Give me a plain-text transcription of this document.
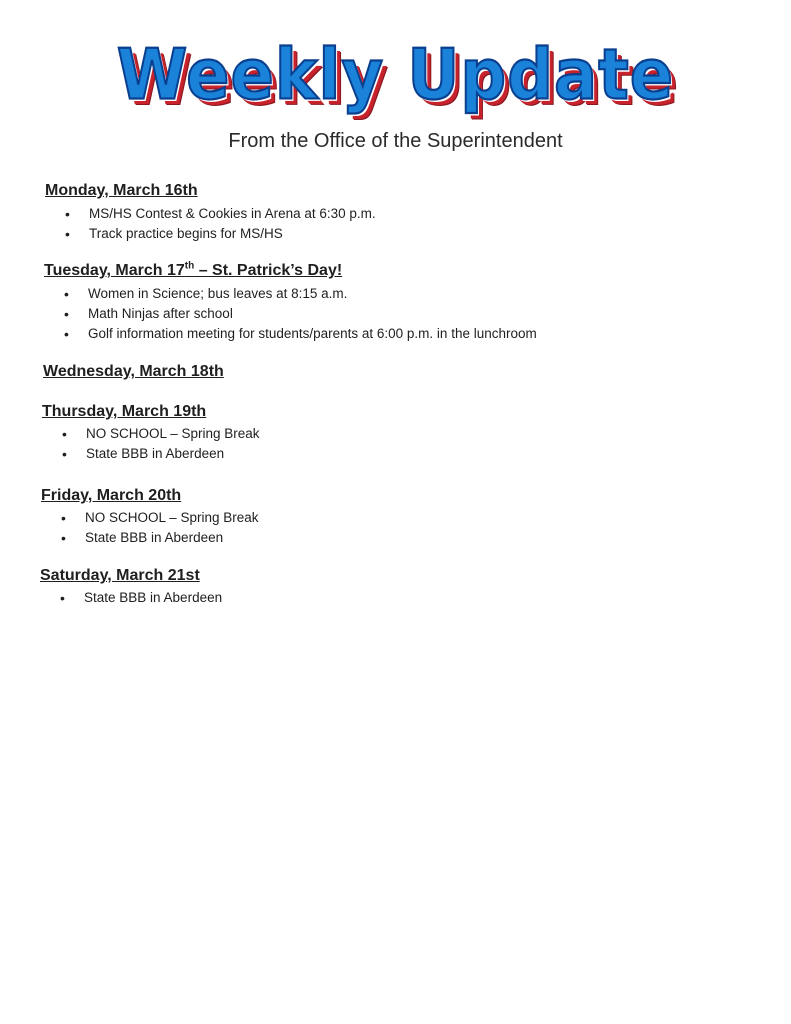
Weekly Update
From the Office of the Superintendent
Monday, March 16th
• MS/HS Contest & Cookies in Arena at 6:30 p.m.
• Track practice begins for MS/HS
Tuesday, March 17th – St. Patrick’s Day!
• Women in Science; bus leaves at 8:15 a.m.
• Math Ninjas after school
• Golf information meeting for students/parents at 6:00 p.m. in the lunchroom
Wednesday, March 18th
Thursday, March 19th
• NO SCHOOL – Spring Break
• State BBB in Aberdeen
Friday, March 20th
• NO SCHOOL – Spring Break
• State BBB in Aberdeen
Saturday, March 21st
• State BBB in Aberdeen
